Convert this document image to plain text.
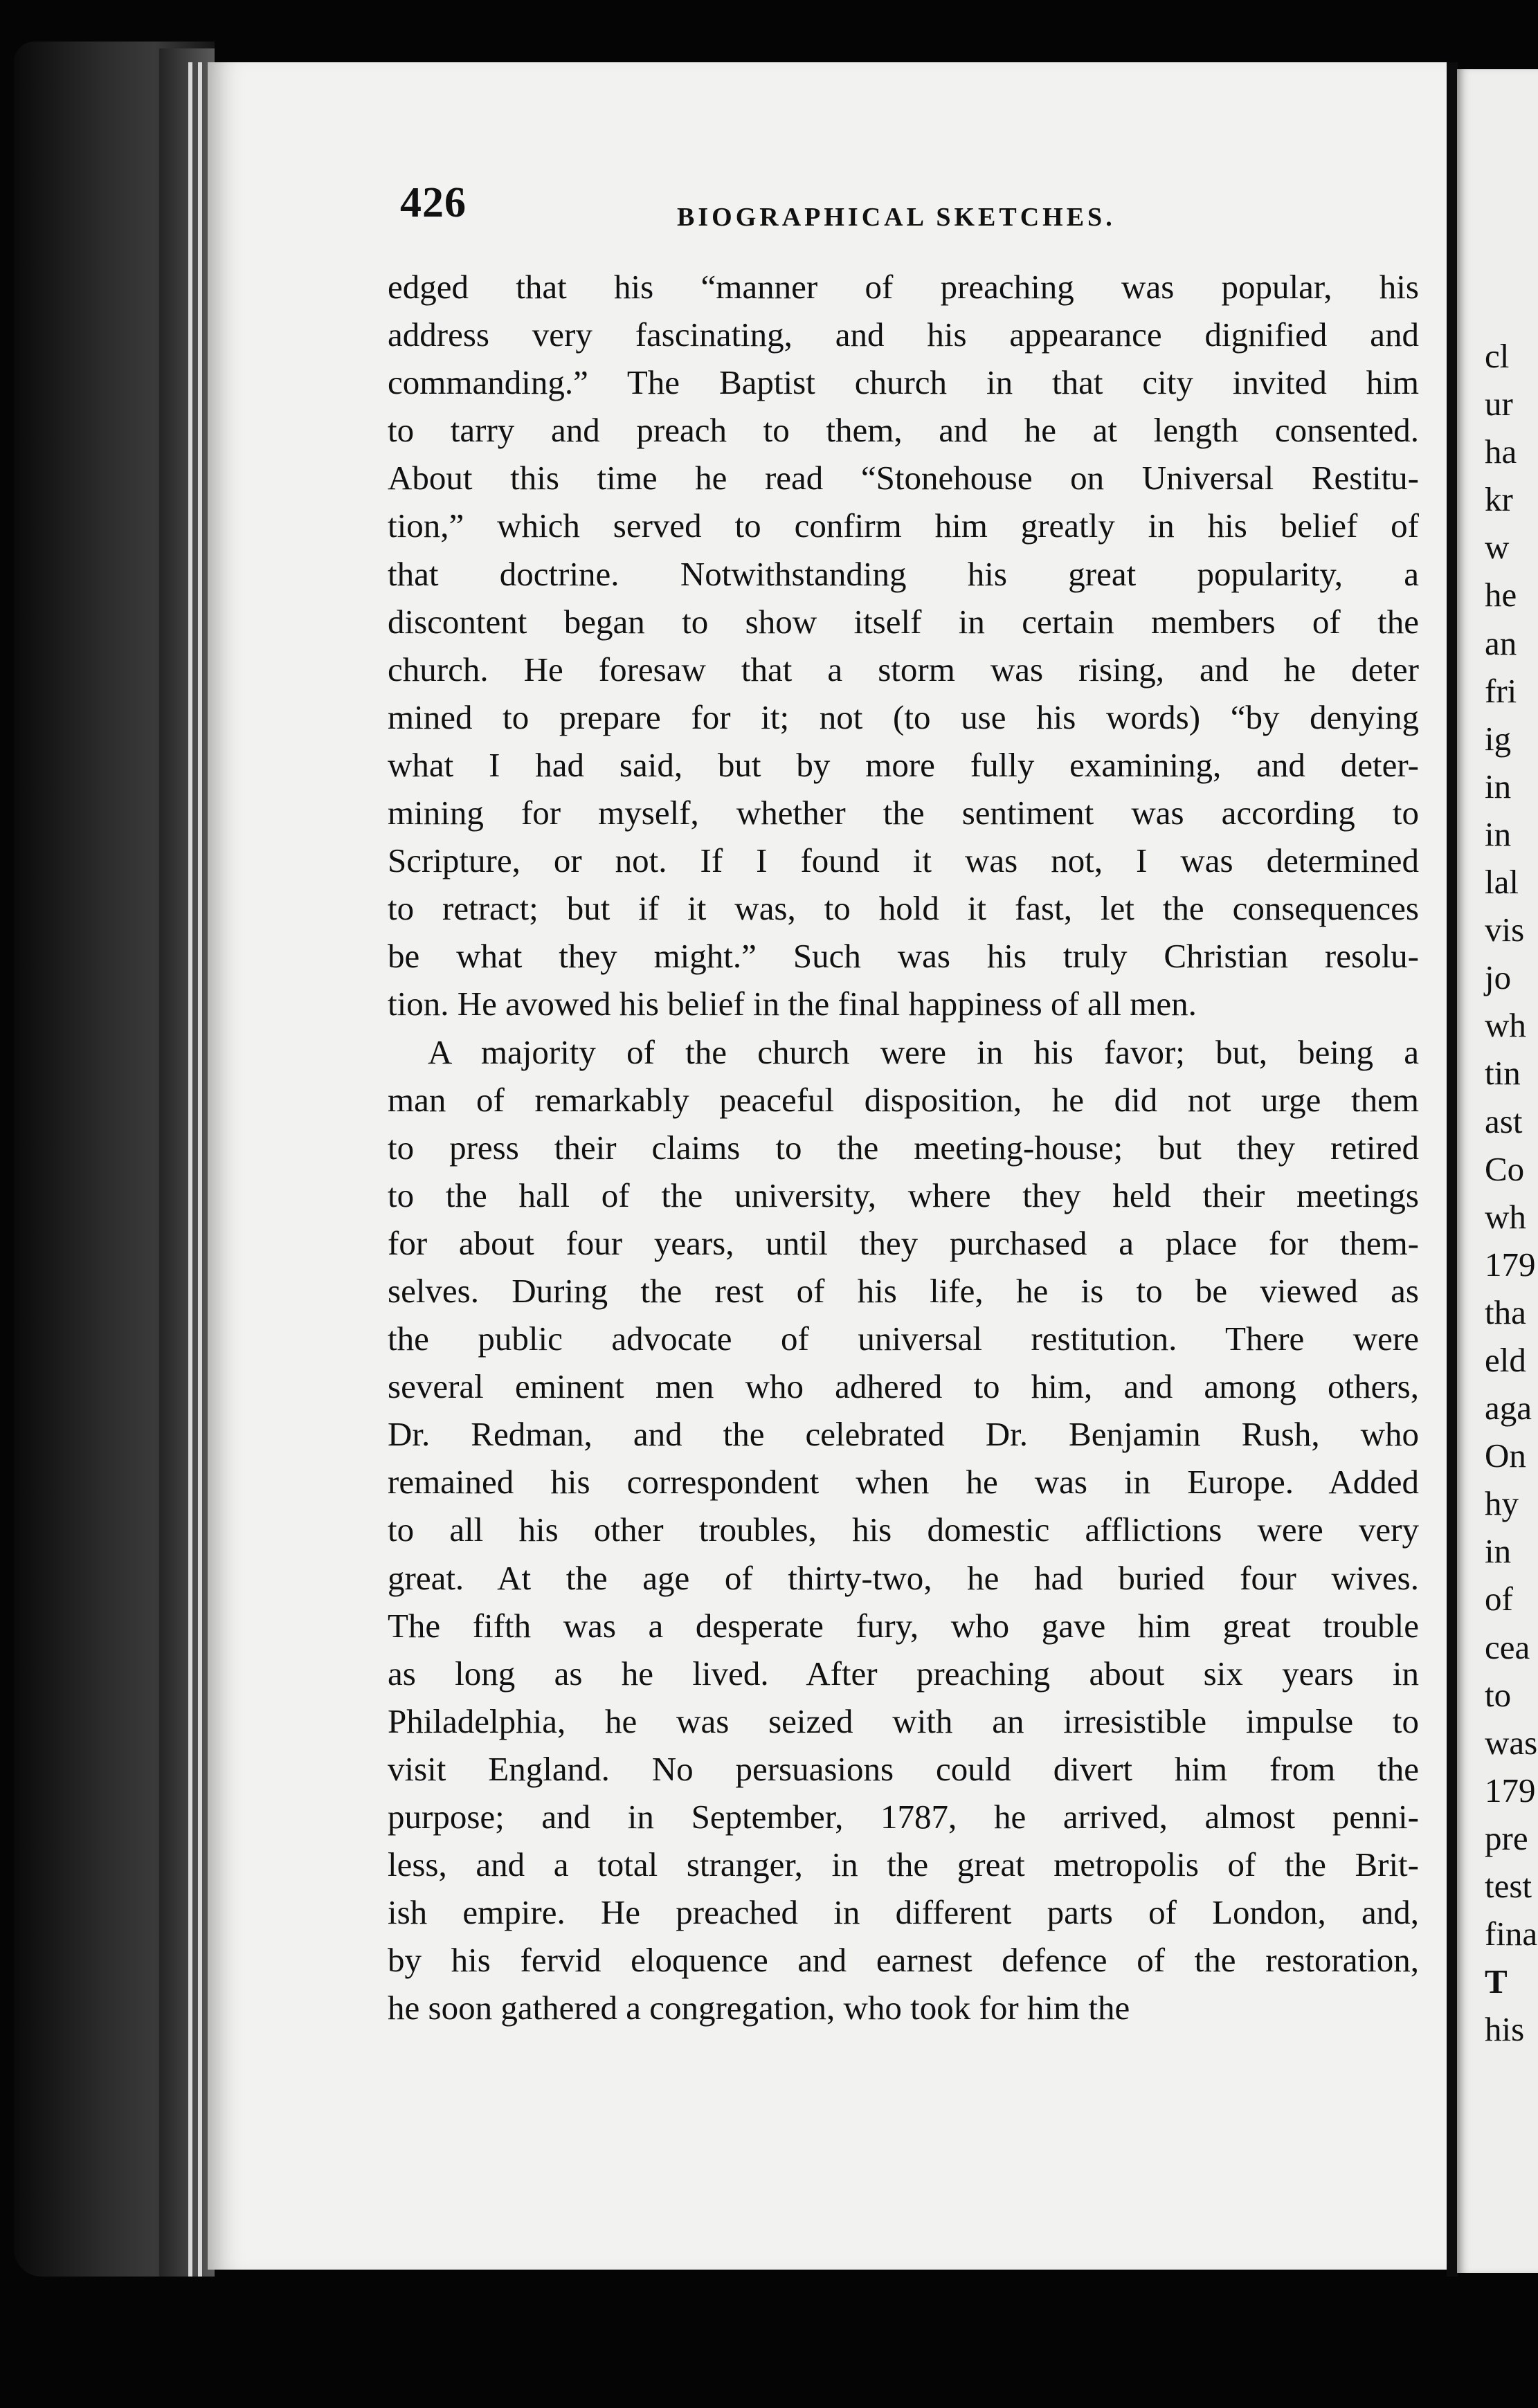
426	BIOGRAPHICAL SKETCHES.
edged that his “manner of preaching was popular, his
address very fascinating, and his appearance dignified and
commanding.” The Baptist church in that city invited him
to tarry and preach to them, and he at length consented.
About this time he read “Stonehouse on Universal Restitu-
tion,” which served to confirm him greatly in his belief of
that doctrine. Notwithstanding his great popularity, a
discontent began to show itself in certain members of the
church. He foresaw that a storm was rising, and he deter
mined to prepare for it; not (to use his words) “by denying
what I had said, but by more fully examining, and deter-
mining for myself, whether the sentiment was according to
Scripture, or not. If I found it was not, I was determined
to retract; but if it was, to hold it fast, let the consequences
be what they might.” Such was his truly Christian resolu-
tion. He avowed his belief in the final happiness of all men.
A majority of the church were in his favor; but, being a
man of remarkably peaceful disposition, he did not urge them
to press their claims to the meeting-house; but they retired
to the hall of the university, where they held their meetings
for about four years, until they purchased a place for them-
selves. During the rest of his life, he is to be viewed as
the public advocate of universal restitution. There were
several eminent men who adhered to him, and among others,
Dr. Redman, and the celebrated Dr. Benjamin Rush, who
remained his correspondent when he was in Europe. Added
to all his other troubles, his domestic afflictions were very
great. At the age of thirty-two, he had buried four wives.
The fifth was a desperate fury, who gave him great trouble
as long as he lived. After preaching about six years in
Philadelphia, he was seized with an irresistible impulse to
visit England. No persuasions could divert him from the
purpose; and in September, 1787, he arrived, almost penni-
less, and a total stranger, in the great metropolis of the Brit-
ish empire. He preached in different parts of London, and,
by his fervid eloquence and earnest defence of the restoration,
he soon gathered a congregation, who took for him the
cl
ur
ha
kr
w
he
an
fri
ig
in
in
lal
vis
jo
wh
tin
ast
Co
wh
179
tha
eld
aga
On
hy
in
of
cea
to
was
179
pre
test
fina
T
his
